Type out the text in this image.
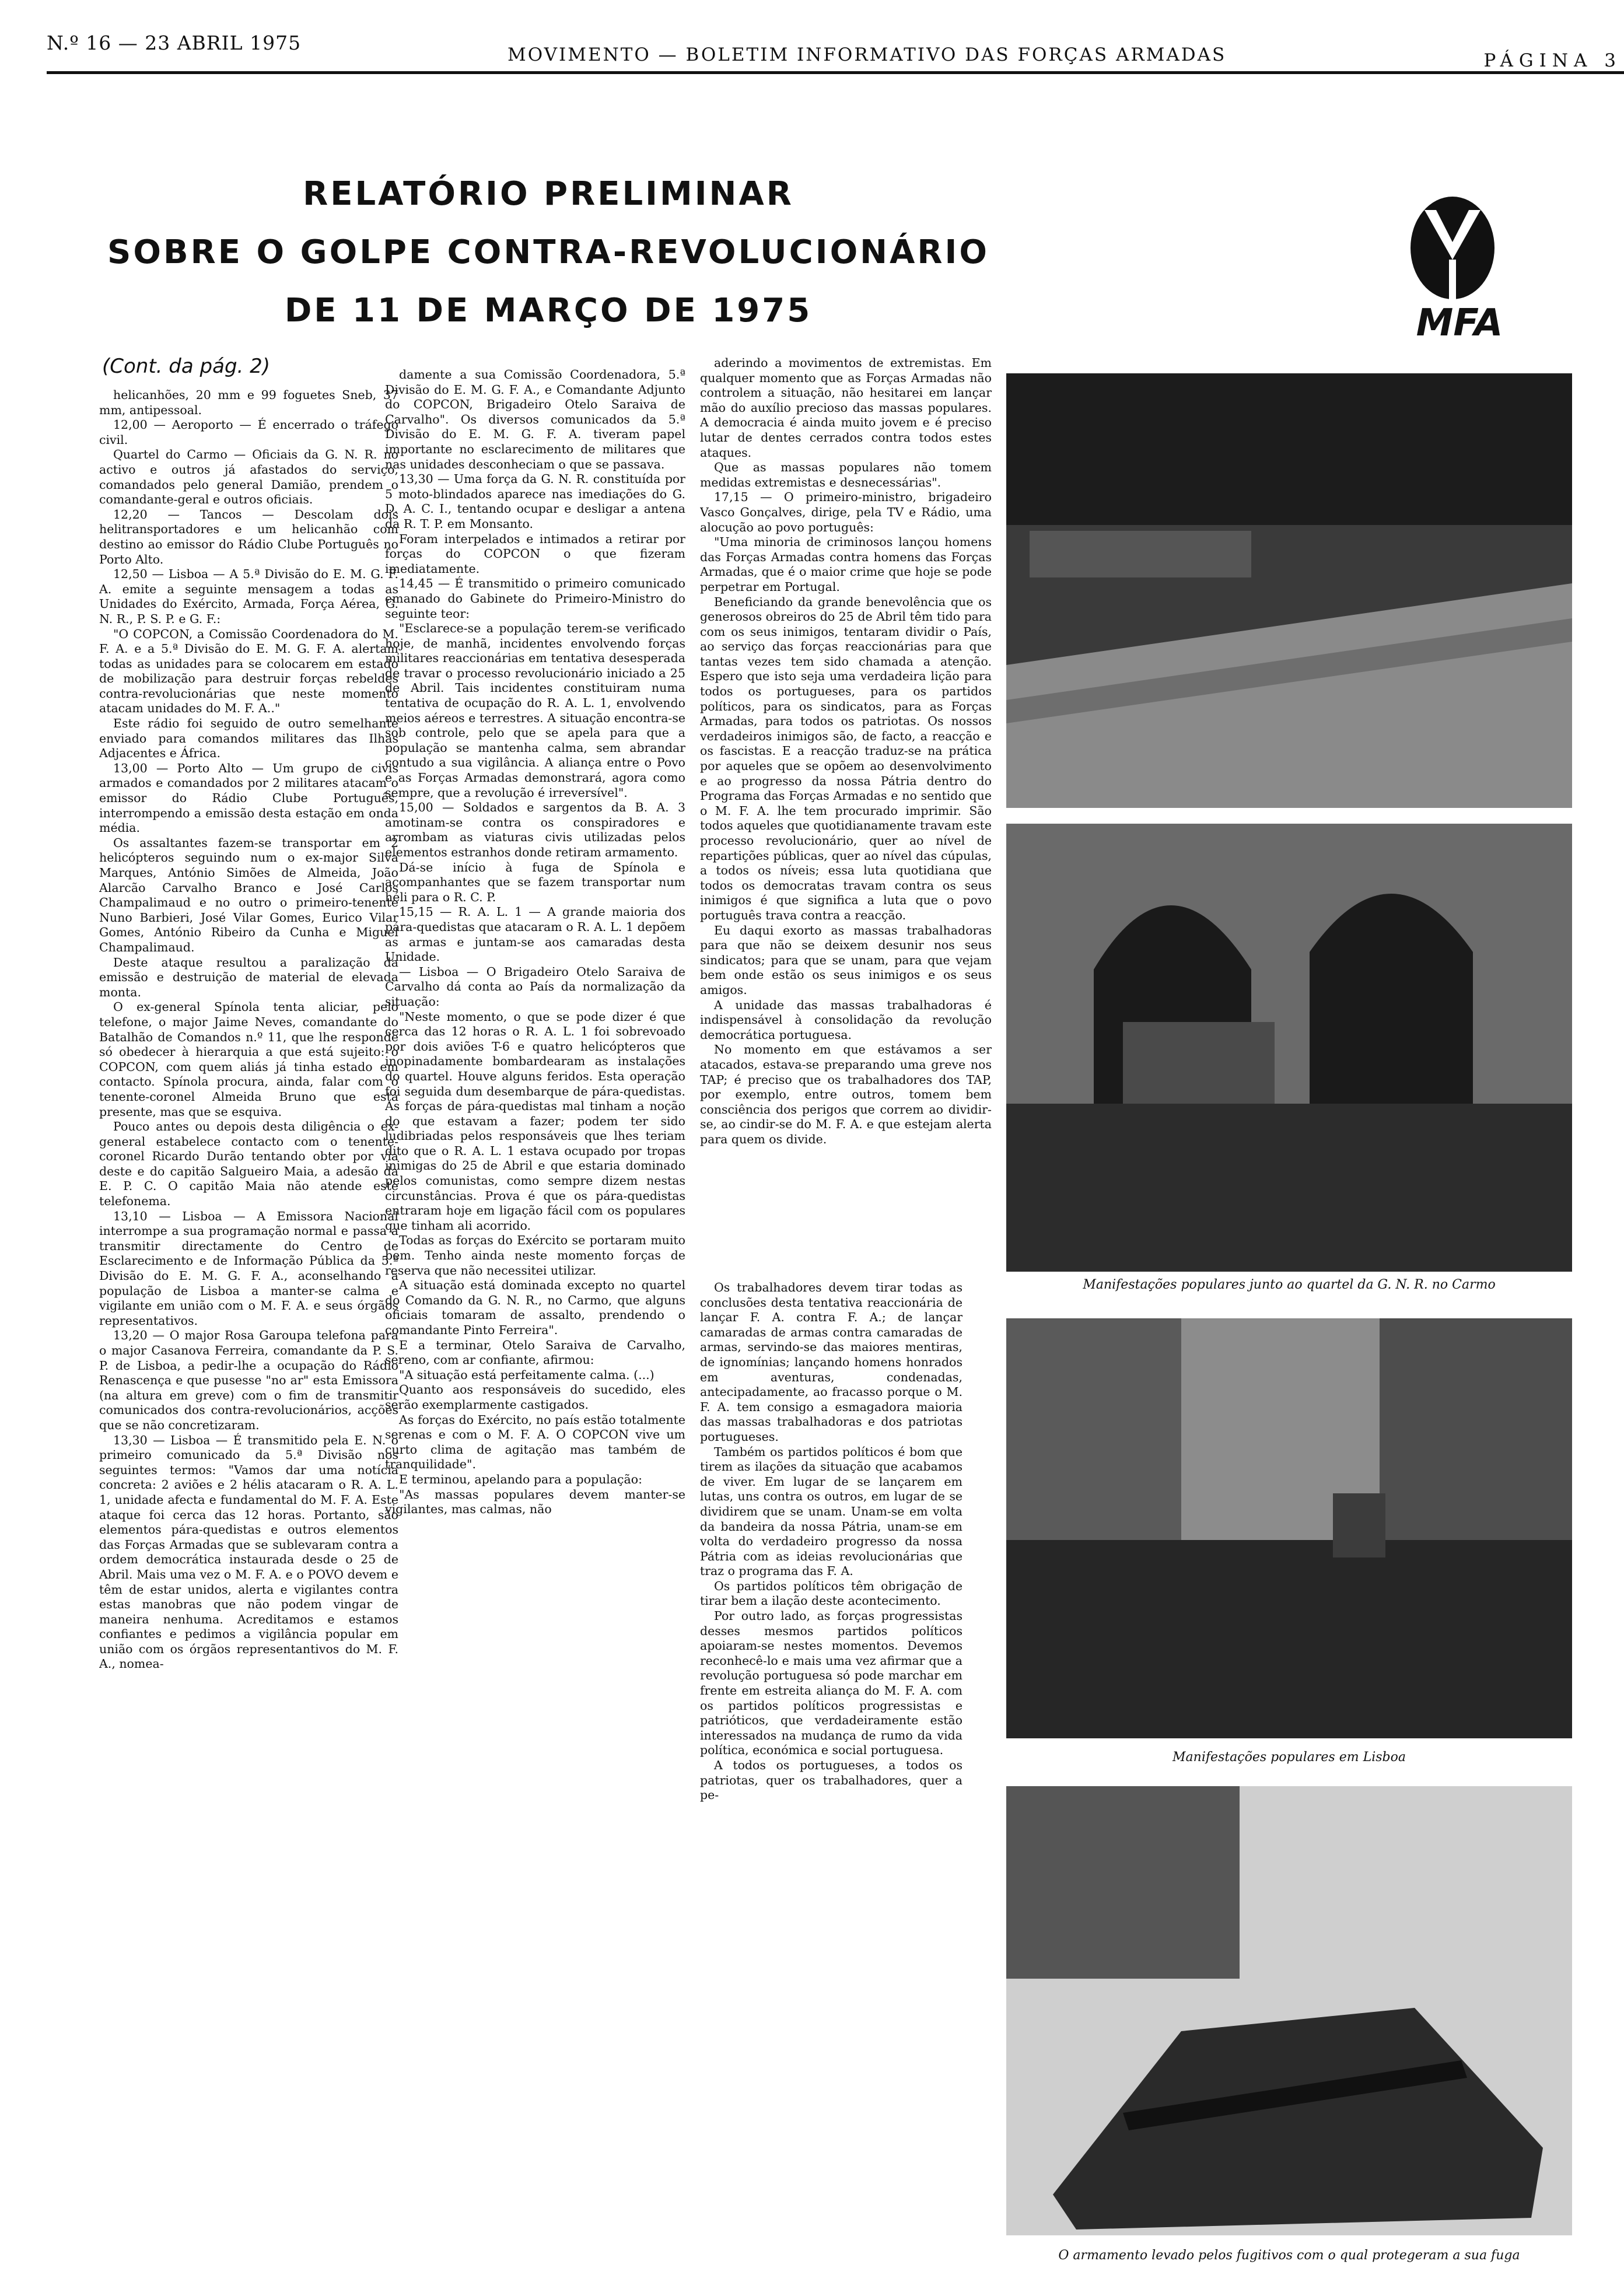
N.º 16 — 23 ABRIL 1975
MOVIMENTO — BOLETIM INFORMATIVO DAS FORÇAS ARMADAS	PÁGINA 3
RELATÓRIO PRELIMINAR
SOBRE O GOLPE CONTRA-REVOLUCIONÁRIO
DE 11 DE MARÇO DE 1975	MFA
(Cont. da pág. 2)

helicanhões, 20 mm e 99 foguetes Sneb, 37 mm, antipessoal.

12,00 — Aeroporto — É encerrado o tráfego civil.

Quartel do Carmo — Oficiais da G. N. R. no activo e outros já afastados do serviço, comandados pelo general Damião, prendem o comandante-geral e outros oficiais.

12,20 — Tancos — Descolam dois helitransportadores e um helicanhão com destino ao emissor do Rádio Clube Português no Porto Alto.

12,50 — Lisboa — A 5.ª Divisão do E. M. G. F. A. emite a seguinte mensagem a todas as Unidades do Exército, Armada, Força Aérea, G. N. R., P. S. P. e G. F.:

"O COPCON, a Comissão Coordenadora do M. F. A. e a 5.ª Divisão do E. M. G. F. A. alertam todas as unidades para se colocarem em estado de mobilização para destruir forças rebeldes contra-revolucionárias que neste momento atacam unidades do M. F. A.."

Este rádio foi seguido de outro semelhante enviado para comandos militares das Ilhas Adjacentes e África.

13,00 — Porto Alto — Um grupo de civis armados e comandados por 2 militares atacam o emissor do Rádio Clube Português, interrompendo a emissão desta estação em onda média.

Os assaltantes fazem-se transportar em 2 helicópteros seguindo num o ex-major Silva Marques, António Simões de Almeida, João Alarcão Carvalho Branco e José Carlos Champalimaud e no outro o primeiro-tenente Nuno Barbieri, José Vilar Gomes, Eurico Vilar Gomes, António Ribeiro da Cunha e Miguel Champalimaud.

Deste ataque resultou a paralização da emissão e destruição de material de elevada monta.

O ex-general Spínola tenta aliciar, pelo telefone, o major Jaime Neves, comandante do Batalhão de Comandos n.º 11, que lhe responde só obedecer à hierarquia a que está sujeito: o COPCON, com quem aliás já tinha estado em contacto. Spínola procura, ainda, falar com o tenente-coronel Almeida Bruno que está presente, mas que se esquiva.

Pouco antes ou depois desta diligência o ex-general estabelece contacto com o tenente-coronel Ricardo Durão tentando obter por via deste e do capitão Salgueiro Maia, a adesão da E. P. C. O capitão Maia não atende este telefonema.

13,10 — Lisboa — A Emissora Nacional interrompe a sua programação normal e passa a transmitir directamente do Centro de Esclarecimento e de Informação Pública da 5.ª Divisão do E. M. G. F. A., aconselhando a população de Lisboa a manter-se calma e vigilante em união com o M. F. A. e seus órgãos representativos.

13,20 — O major Rosa Garoupa telefona para o major Casanova Ferreira, comandante da P. S. P. de Lisboa, a pedir-lhe a ocupação do Rádio Renascença e que pusesse "no ar" esta Emissora (na altura em greve) com o fim de transmitir comunicados dos contra-revolucionários, acções que se não concretizaram.

13,30 — Lisboa — É transmitido pela E. N. o primeiro comunicado da 5.ª Divisão nos seguintes termos: "Vamos dar uma notícia concreta: 2 aviões e 2 hélis atacaram o R. A. L. 1, unidade afecta e fundamental do M. F. A. Este ataque foi cerca das 12 horas. Portanto, são elementos pára-quedistas e outros elementos das Forças Armadas que se sublevaram contra a ordem democrática instaurada desde o 25 de Abril. Mais uma vez o M. F. A. e o POVO devem e têm de estar unidos, alerta e vigilantes contra estas manobras que não podem vingar de maneira nenhuma. Acreditamos e estamos confiantes e pedimos a vigilância popular em união com os órgãos representantivos do M. F. A., nomea-

damente a sua Comissão Coordenadora, 5.ª Divisão do E. M. G. F. A., e Comandante Adjunto do COPCON, Brigadeiro Otelo Saraiva de Carvalho". Os diversos comunicados da 5.ª Divisão do E. M. G. F. A. tiveram papel importante no esclarecimento de militares que nas unidades desconheciam o que se passava.

13,30 — Uma força da G. N. R. constituída por 5 moto-blindados aparece nas imediações do G. D. A. C. I., tentando ocupar e desligar a antena da R. T. P. em Monsanto.

Foram interpelados e intimados a retirar por forças do COPCON o que fizeram imediatamente.

14,45 — É transmitido o primeiro comunicado emanado do Gabinete do Primeiro-Ministro do seguinte teor:

"Esclarece-se a população terem-se verificado hoje, de manhã, incidentes envolvendo forças militares reaccionárias em tentativa desesperada de travar o processo revolucionário iniciado a 25 de Abril. Tais incidentes constituiram numa tentativa de ocupação do R. A. L. 1, envolvendo meios aéreos e terrestres. A situação encontra-se sob controle, pelo que se apela para que a população se mantenha calma, sem abrandar contudo a sua vigilância. A aliança entre o Povo e as Forças Armadas demonstrará, agora como sempre, que a revolução é irreversível".

15,00 — Soldados e sargentos da B. A. 3 amotinam-se contra os conspiradores e arrombam as viaturas civis utilizadas pelos elementos estranhos donde retiram armamento.

Dá-se início à fuga de Spínola e acompanhantes que se fazem transportar num héli para o R. C. P.

15,15 — R. A. L. 1 — A grande maioria dos pára-quedistas que atacaram o R. A. L. 1 depõem as armas e juntam-se aos camaradas desta Unidade.

— Lisboa — O Brigadeiro Otelo Saraiva de Carvalho dá conta ao País da normalização da situação:

"Neste momento, o que se pode dizer é que cerca das 12 horas o R. A. L. 1 foi sobrevoado por dois aviões T-6 e quatro helicópteros que inopinadamente bombardearam as instalações do quartel. Houve alguns feridos. Esta operação foi seguida dum desembarque de pára-quedistas. As forças de pára-quedistas mal tinham a noção do que estavam a fazer; podem ter sido ludibriadas pelos responsáveis que lhes teriam dito que o R. A. L. 1 estava ocupado por tropas inimigas do 25 de Abril e que estaria dominado pelos comunistas, como sempre dizem nestas circunstâncias. Prova é que os pára-quedistas entraram hoje em ligação fácil com os populares que tinham ali acorrido.

Todas as forças do Exército se portaram muito bem. Tenho ainda neste momento forças de reserva que não necessitei utilizar.

A situação está dominada excepto no quartel do Comando da G. N. R., no Carmo, que alguns oficiais tomaram de assalto, prendendo o comandante Pinto Ferreira".

E a terminar, Otelo Saraiva de Carvalho, sereno, com ar confiante, afirmou:

"A situação está perfeitamente calma. (...)

Quanto aos responsáveis do sucedido, eles serão exemplarmente castigados.

As forças do Exército, no país estão totalmente serenas e com o M. F. A. O COPCON vive um curto clima de agitação mas também de tranquilidade".

E terminou, apelando para a população:

"As massas populares devem manter-se vigilantes, mas calmas, não

aderindo a movimentos de extremistas. Em qualquer momento que as Forças Armadas não controlem a situação, não hesitarei em lançar mão do auxílio precioso das massas populares. A democracia é ainda muito jovem e é preciso lutar de dentes cerrados contra todos estes ataques.

Que as massas populares não tomem medidas extremistas e desnecessárias".

17,15 — O primeiro-ministro, brigadeiro Vasco Gonçalves, dirige, pela TV e Rádio, uma alocução ao povo português:

"Uma minoria de criminosos lançou homens das Forças Armadas contra homens das Forças Armadas, que é o maior crime que hoje se pode perpetrar em Portugal.

Beneficiando da grande benevolência que os generosos obreiros do 25 de Abril têm tido para com os seus inimigos, tentaram dividir o País, ao serviço das forças reaccionárias para que tantas vezes tem sido chamada a atenção. Espero que isto seja uma verdadeira lição para todos os portugueses, para os partidos políticos, para os sindicatos, para as Forças Armadas, para todos os patriotas. Os nossos verdadeiros inimigos são, de facto, a reacção e os fascistas. E a reacção traduz-se na prática por aqueles que se opõem ao desenvolvimento e ao progresso da nossa Pátria dentro do Programa das Forças Armadas e no sentido que o M. F. A. lhe tem procurado imprimir. São todos aqueles que quotidianamente travam este processo revolucionário, quer ao nível de repartições públicas, quer ao nível das cúpulas, a todos os níveis; essa luta quotidiana que todos os democratas travam contra os seus inimigos é que significa a luta que o povo português trava contra a reacção.

Eu daqui exorto as massas trabalhadoras para que não se deixem desunir nos seus sindicatos; para que se unam, para que vejam bem onde estão os seus inimigos e os seus amigos.

A unidade das massas trabalhadoras é indispensável à consolidação da revolução democrática portuguesa.

No momento em que estávamos a ser atacados, estava-se preparando uma greve nos TAP; é preciso que os trabalhadores dos TAP, por exemplo, entre outros, tomem bem consciência dos perigos que correm ao dividir-se, ao cindir-se do M. F. A. e que estejam alerta para quem os divide.

Os trabalhadores devem tirar todas as conclusões desta tentativa reaccionária de lançar F. A. contra F. A.; de lançar camaradas de armas contra camaradas de armas, servindo-se das maiores mentiras, de ignomínias; lançando homens honrados em aventuras, condenadas, antecipadamente, ao fracasso porque o M. F. A. tem consigo a esmagadora maioria das massas trabalhadoras e dos patriotas portugueses.

Também os partidos políticos é bom que tirem as ilações da situação que acabamos de viver. Em lugar de se lançarem em lutas, uns contra os outros, em lugar de se dividirem que se unam. Unam-se em volta da bandeira da nossa Pátria, unam-se em volta do verdadeiro progresso da nossa Pátria com as ideias revolucionárias que traz o programa das F. A.

Os partidos políticos têm obrigação de tirar bem a ilação deste acontecimento.

Por outro lado, as forças progressistas desses mesmos partidos políticos apoiaram-se nestes momentos. Devemos reconhecê-lo e mais uma vez afirmar que a revolução portuguesa só pode marchar em frente em estreita aliança do M. F. A. com os partidos políticos progressistas e patrióticos, que verdadeiramente estão interessados na mudança de rumo da vida política, económica e social portuguesa.

A todos os portugueses, a todos os patriotas, quer os trabalhadores, quer a pe-

Manifestações populares junto ao quartel da G. N. R. no Carmo
Manifestações populares em Lisboa
O armamento levado pelos fugitivos com o qual protegeram a sua fuga
